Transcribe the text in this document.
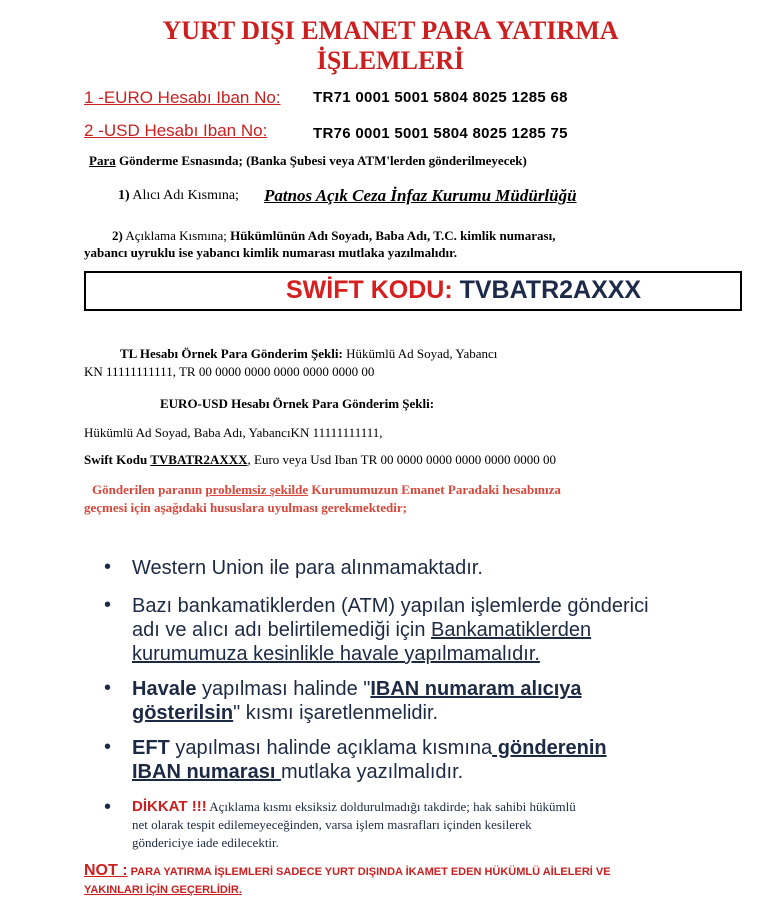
YURT DIŞI EMANET PARA YATIRMA
İŞLEMLERİ
1 -EURO Hesabı Iban No: TR71 0001 5001 5804 8025 1285 68
2 -USD Hesabı Iban No:	TR76 0001 5001 5804 8025 1285 75
Para Gönderme Esnasında; (Banka Şubesi veya ATM'lerden gönderilmeyecek)
1) Alıcı Adı Kısmına; Patnos Açık Ceza İnfaz Kurumu Müdürlüğü
2) Açıklama Kısmına; Hükümlünün Adı Soyadı, Baba Adı, T.C. kimlik numarası,
yabancı uyruklu ise yabancı kimlik numarası mutlaka yazılmalıdır.
SWİFT KODU: TVBATR2AXXX
TL Hesabı Örnek Para Gönderim Şekli: Hükümlü Ad Soyad, Yabancı
KN 11111111111, TR 00 0000 0000 0000 0000 0000 00
EURO-USD Hesabı Örnek Para Gönderim Şekli:
Hükümlü Ad Soyad, Baba Adı, YabancıKN 11111111111,
Swift Kodu TVBATR2AXXX, Euro veya Usd Iban TR 00 0000 0000 0000 0000 0000 00
Gönderilen paranın problemsiz şekilde Kurumumuzun Emanet Paradaki hesabınıza
geçmesi için aşağıdaki hususlara uyulması gerekmektedir;
• Western Union ile para alınmamaktadır.
• Bazı bankamatiklerden (ATM) yapılan işlemlerde gönderici
adı ve alıcı adı belirtilemediği için Bankamatiklerden
kurumumuza kesinlikle havale yapılmamalıdır.
• Havale yapılması halinde "IBAN numaram alıcıya
gösterilsin" kısmı işaretlenmelidir.
• EFT yapılması halinde açıklama kısmına gönderenin
IBAN numarası mutlaka yazılmalıdır.
• DİKKAT !!! Açıklama kısmı eksiksiz doldurulmadığı takdirde; hak sahibi hükümlü
net olarak tespit edilemeyeceğinden, varsa işlem masrafları içinden kesilerek
göndericiye iade edilecektir.
NOT : PARA YATIRMA İŞLEMLERİ SADECE YURT DIŞINDA İKAMET EDEN HÜKÜMLÜ AİLELERİ VE
YAKINLARI İÇİN GEÇERLİDİR.
